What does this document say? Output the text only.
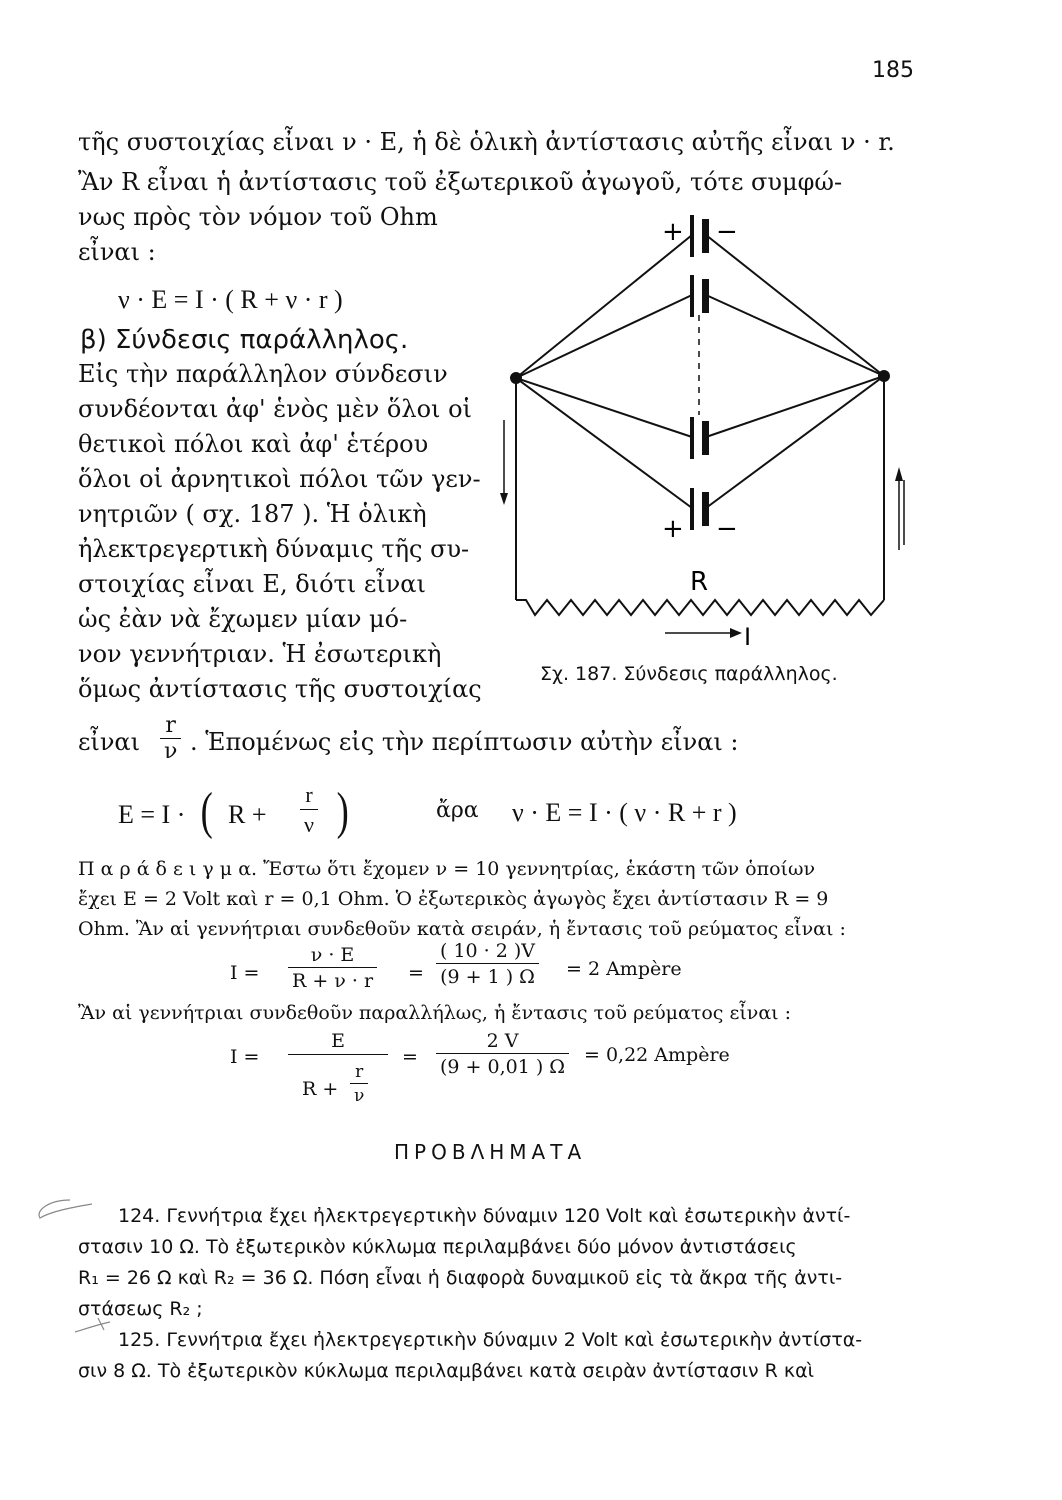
185
τῆς συστοιχίας εἶναι ν · Ε, ἡ δὲ ὁλικὴ ἀντίστασις αὐτῆς εἶναι ν · r.
Ἂν R εἶναι ἡ ἀντίστασις τοῦ ἐξωτερικοῦ ἀγωγοῦ, τότε συμφώ-
νως πρὸς τὸν νόμον τοῦ Ohm
εἶναι :
ν · E = I · ( R + ν · r )
β) Σύνδεσις παράλληλος.
Εἰς τὴν παράλληλον σύνδεσιν
συνδέονται ἀφ' ἑνὸς μὲν ὅλοι οἱ
θετικοὶ πόλοι καὶ ἀφ' ἑτέρου
ὅλοι οἱ ἀρνητικοὶ πόλοι τῶν γεν-
νητριῶν ( σχ. 187 ). Ἡ ὁλικὴ
ἠλεκτρεγερτικὴ δύναμις τῆς συ-
στοιχίας εἶναι Ε, διότι εἶναι
ὡς ἐὰν νὰ ἔχωμεν μίαν μό-
νον γεννήτριαν. Ἡ ἐσωτερικὴ
ὅμως ἀντίστασις τῆς συστοιχίας
εἶναι $\frac{r}{\nu}$ . Ἑπομένως εἰς τὴν περίπτωσιν αὐτὴν εἶναι :
+ −
+ −
R
I
Σχ. 187. Σύνδεσις παράλληλος.
E = I · ( $R + \frac{r}{\nu}$ )	ἄρα ν · E = I · ( ν · R + r )
Π α ρ ά δ ε ι γ μ α. Ἔστω ὅτι ἔχομεν ν = 10 γεννητρίας, ἑκάστη τῶν ὁποίων
ἔχει E = 2 Volt καὶ r = 0,1 Ohm. Ὁ ἐξωτερικὸς ἀγωγὸς ἔχει ἀντίστασιν R = 9
Ohm. Ἂν αἱ γεννήτριαι συνδεθοῦν κατὰ σειράν, ἡ ἔντασις τοῦ ρεύματος εἶναι :
$I = \frac{\nu \cdot E}{R + \nu \cdot r} = \frac{( 10 \cdot 2 )V}{(9 + 1 ) \Omega} = 2$ Ampère
Ἂν αἱ γεννήτριαι συνδεθοῦν παραλλήλως, ἡ ἔντασις τοῦ ρεύματος εἶναι :
I =
E
$R + \frac{r}{\nu}$
= $\frac{2 V}{(9 + 0,01 ) \Omega} = 0,22$ Ampère
ΠΡΟΒΛΗΜΑΤΑ
124. Γεννήτρια ἔχει ἠλεκτρεγερτικὴν δύναμιν 120 Volt καὶ ἐσωτερικὴν ἀντί-
στασιν 10 Ω. Τὸ ἐξωτερικὸν κύκλωμα περιλαμβάνει δύο μόνον ἀντιστάσεις
R₁ = 26 Ω καὶ R₂ = 36 Ω. Πόση εἶναι ἡ διαφορὰ δυναμικοῦ εἰς τὰ ἄκρα τῆς ἀντι-
στάσεως R₂ ;
125. Γεννήτρια ἔχει ἠλεκτρεγερτικὴν δύναμιν 2 Volt καὶ ἐσωτερικὴν ἀντίστα-
σιν 8 Ω. Τὸ ἐξωτερικὸν κύκλωμα περιλαμβάνει κατὰ σειρὰν ἀντίστασιν R καὶ
